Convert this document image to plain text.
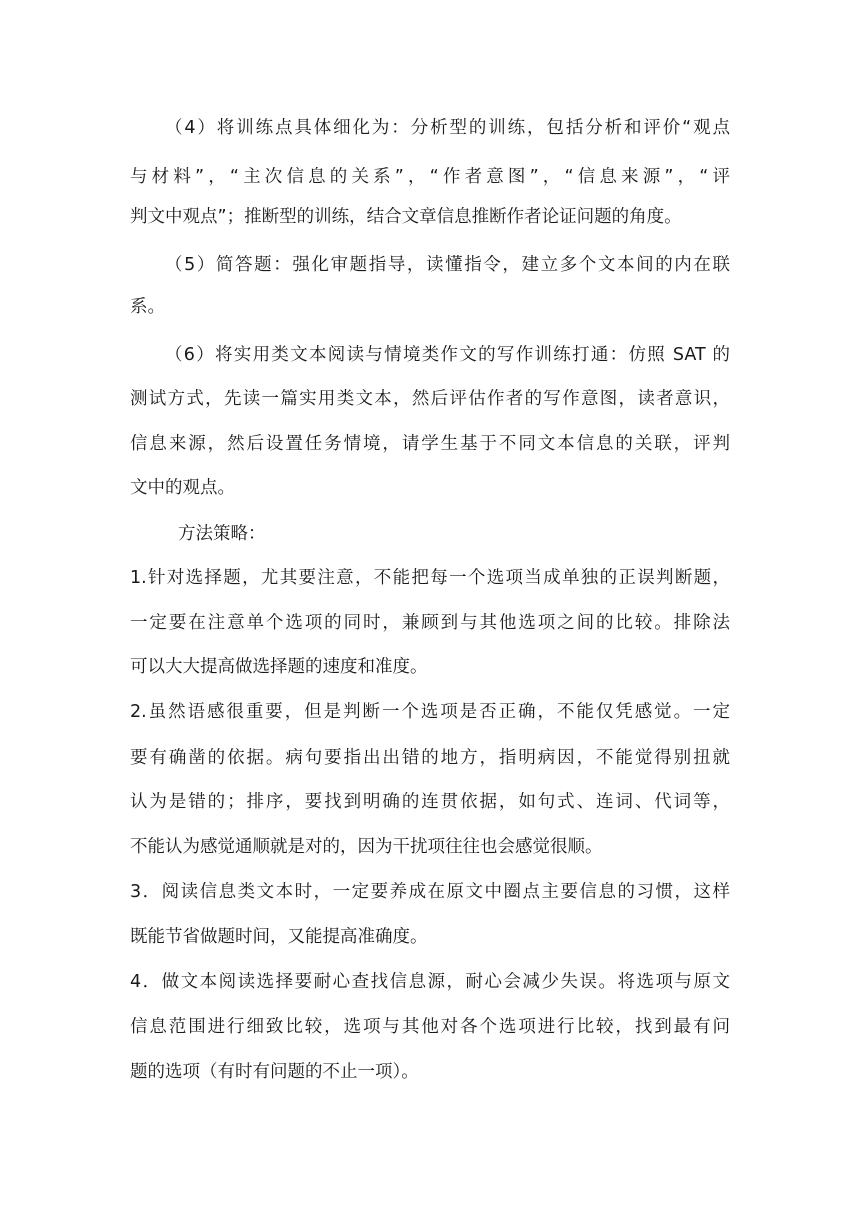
（4）将训练点具体细化为：分析型的训练，包括分析和评价“观点
与材料”，“主次信息的关系”，“作者意图”，“信息来源”，“评
判文中观点”；推断型的训练，结合文章信息推断作者论证问题的角度。
（5）简答题：强化审题指导，读懂指令，建立多个文本间的内在联
系。
（6）将实用类文本阅读与情境类作文的写作训练打通：仿照 SAT 的
测试方式，先读一篇实用类文本，然后评估作者的写作意图，读者意识，
信息来源，然后设置任务情境，请学生基于不同文本信息的关联，评判
文中的观点。
方法策略：
1.针对选择题，尤其要注意，不能把每一个选项当成单独的正误判断题，
一定要在注意单个选项的同时，兼顾到与其他选项之间的比较。排除法
可以大大提高做选择题的速度和准度。
2.虽然语感很重要，但是判断一个选项是否正确，不能仅凭感觉。一定
要有确凿的依据。病句要指出出错的地方，指明病因，不能觉得别扭就
认为是错的；排序，要找到明确的连贯依据，如句式、连词、代词等，
不能认为感觉通顺就是对的，因为干扰项往往也会感觉很顺。
3．阅读信息类文本时，一定要养成在原文中圈点主要信息的习惯，这样
既能节省做题时间，又能提高准确度。
4．做文本阅读选择要耐心查找信息源，耐心会减少失误。将选项与原文
信息范围进行细致比较，选项与其他对各个选项进行比较，找到最有问
题的选项（有时有问题的不止一项）。
